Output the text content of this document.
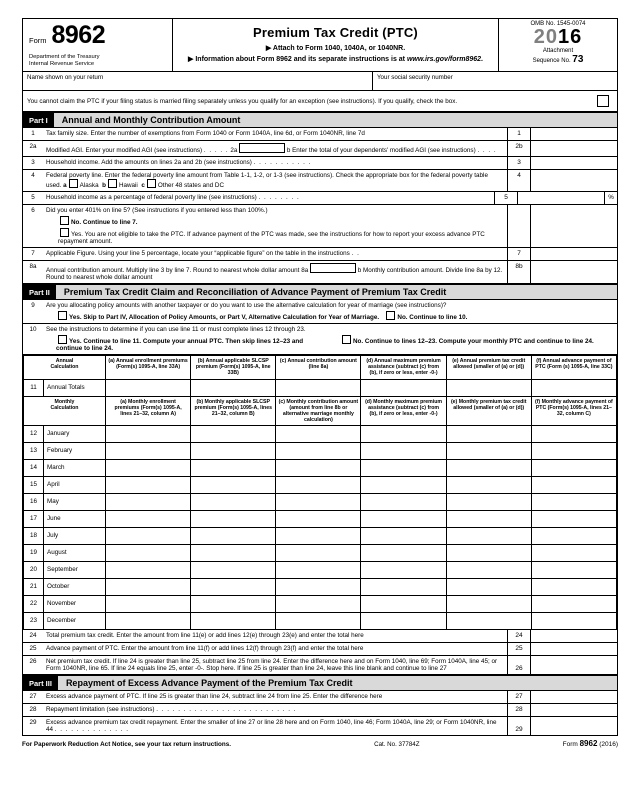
Form 8962
Department of the Treasury
Internal Revenue Service
Premium Tax Credit (PTC)
▶ Attach to Form 1040, 1040A, or 1040NR.
▶ Information about Form 8962 and its separate instructions is at www.irs.gov/form8962.
OMB No. 1545-0074
2016
Attachment
Sequence No. 73
Name shown on your return	Your social security number
You cannot claim the PTC if your filing status is married filing separately unless you qualify for an exception (see instructions). If you qualify, check the box.
Part I	Annual and Monthly Contribution Amount
1	Tax family size. Enter the number of exemptions from Form 1040 or Form 1040A, line 6d, or Form 1040NR, line 7d	1
2a
Modified AGI. Enter your modified AGI (see instructions) . . . . . 2a	b Enter the total of your dependents' modified AGI (see instructions) . . . .
2b
3	Household income. Add the amounts on lines 2a and 2b (see instructions) . . . . . . . . . . .	3
4	Federal poverty line. Enter the federal poverty line amount from Table 1-1, 1-2, or 1-3 (see instructions). Check the appropriate box for the federal poverty table used. a Alaska b Hawaii c Other 48 states and DC
4
5	Household income as a percentage of federal poverty line (see instructions) . . . . . . . .	5	%
6	Did you enter 401% on line 5? (See instructions if you entered less than 100%.)
No. Continue to line 7.
Yes. You are not eligible to take the PTC. If advance payment of the PTC was made, see the instructions for how to report your excess advance PTC repayment amount.
7	Applicable Figure. Using your line 5 percentage, locate your “applicable figure” on the table in the instructions . .	7
8a
Annual contribution amount. Multiply line 3 by line 7. Round to nearest whole dollar amount 8a	b Monthly contribution amount. Divide line 8a by 12. Round to nearest whole dollar amount
8b
Part II	Premium Tax Credit Claim and Reconciliation of Advance Payment of Premium Tax Credit
9	Are you allocating policy amounts with another taxpayer or do you want to use the alternative calculation for year of marriage (see instructions)?
Yes. Skip to Part IV, Allocation of Policy Amounts, or Part V, Alternative Calculation for Year of Marriage.	No. Continue to line 10.
10	See the instructions to determine if you can use line 11 or must complete lines 12 through 23.
Yes. Continue to line 11. Compute your annual PTC. Then skip lines 12–23 and continue to line 24.
No. Continue to lines 12–23. Compute your monthly PTC and continue to line 24.
Annual
Calculation		(a) Annual enrollment premiums (Form(s) 1095-A, line 33A)	(b) Annual applicable SLCSP premium (Form(s) 1095-A, line 33B)	(c) Annual contribution amount (line 8a)	(d) Annual maximum premium assistance (subtract (c) from (b), if zero or less, enter -0-)	(e) Annual premium tax credit allowed (smaller of (a) or (d))	(f) Annual advance payment of PTC (Form (s) 1095-A, line 33C)
11	Annual Totals						
Monthly
Calculation		(a) Monthly enrollment premiums (Form(s) 1095-A, lines 21–32, column A)	(b) Monthly applicable SLCSP premium (Form(s) 1095-A, lines 21–32, column B)	(c) Monthly contribution amount (amount from line 8b or alternative marriage monthly calculation)	(d) Monthly maximum premium assistance (subtract (c) from (b), if zero or less, enter -0-)	(e) Monthly premium tax credit allowed (smaller of (a) or (d))	(f) Monthly advance payment of PTC (Form(s) 1095-A, lines 21–32, column C)
12	January						
13	February						
14	March						
15	April						
16	May						
17	June						
18	July						
19	August						
20	September						
21	October						
22	November						
23	December						
24	Total premium tax credit. Enter the amount from line 11(e) or add lines 12(e) through 23(e) and enter the total here	24
25	Advance payment of PTC. Enter the amount from line 11(f) or add lines 12(f) through 23(f) and enter the total here	25
26	Net premium tax credit. If line 24 is greater than line 25, subtract line 25 from line 24. Enter the difference here and on Form 1040, line 69; Form 1040A, line 45; or Form 1040NR, line 65. If line 24 equals line 25, enter -0-. Stop here. If line 25 is greater than line 24, leave this line blank and continue to line 27	26
Part III	Repayment of Excess Advance Payment of the Premium Tax Credit
27	Excess advance payment of PTC. If line 25 is greater than line 24, subtract line 24 from line 25. Enter the difference here	27
28	Repayment limitation (see instructions) . . . . . . . . . . . . . . . . . . . . . . . . . .	28
29	Excess advance premium tax credit repayment. Enter the smaller of line 27 or line 28 here and on Form 1040, line 46; Form 1040A, line 29; or Form 1040NR, line 44 . . . . . . . . . . . . . .	29
For Paperwork Reduction Act Notice, see your tax return instructions.	Cat. No. 37784Z	Form 8962 (2016)
